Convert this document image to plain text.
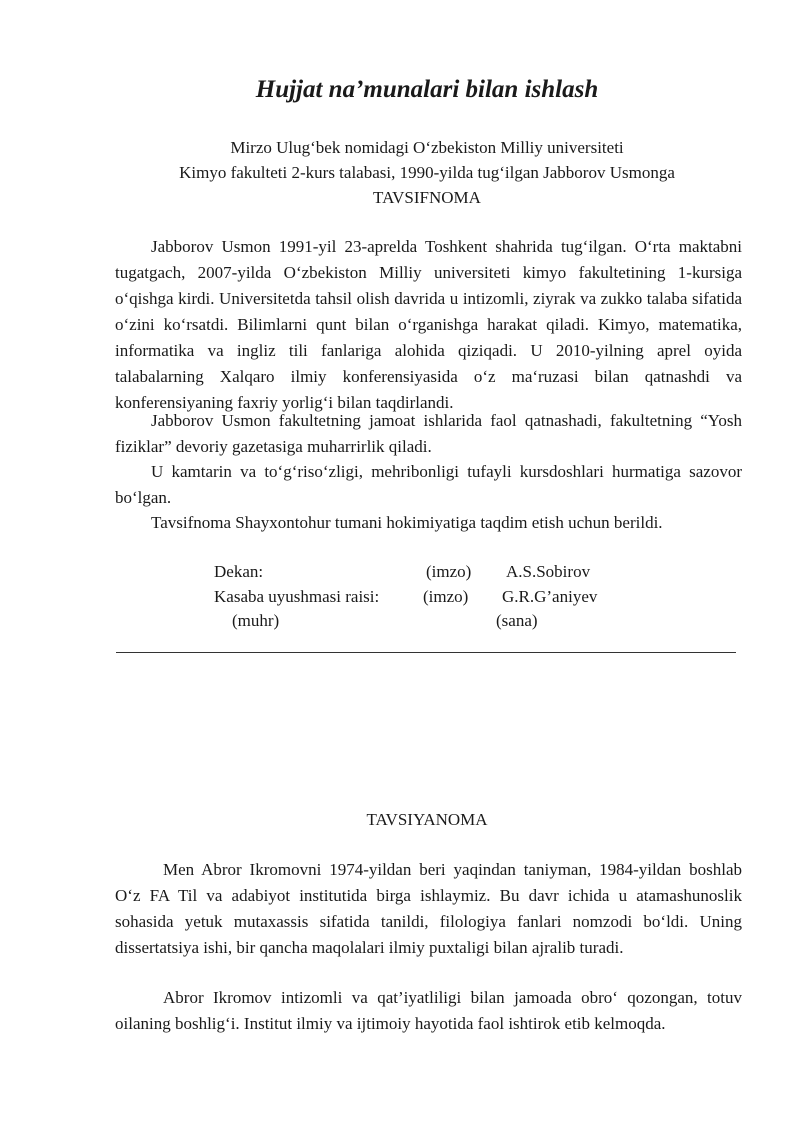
Hujjat na’munalari bilan ishlash
Mirzo Ulug‘bek nomidagi O‘zbekiston Milliy universiteti
Kimyo fakulteti 2-kurs talabasi, 1990-yilda tug‘ilgan Jabborov Usmonga
TAVSIFNOMA
Jabborov Usmon 1991-yil 23-aprelda Toshkent shahrida tug‘ilgan. O‘rta maktabni tugatgach, 2007-yilda O‘zbekiston Milliy universiteti kimyo fakultetining 1-kursiga o‘qishga kirdi. Universitetda tahsil olish davrida u intizomli, ziyrak va zukko talaba sifatida o‘zini ko‘rsatdi. Bilimlarni qunt bilan o‘rganishga harakat qiladi. Kimyo, matematika, informatika va ingliz tili fanlariga alohida qiziqadi. U 2010-yilning aprel oyida talabalarning Xalqaro ilmiy konferensiyasida o‘z ma‘ruzasi bilan qatnashdi va konferensiyaning faxriy yorlig‘i bilan taqdirlandi.
Jabborov Usmon fakultetning jamoat ishlarida faol qatnashadi, fakultetning “Yosh fiziklar” devoriy gazetasiga muharrirlik qiladi.
U kamtarin va to‘g‘riso‘zligi, mehribonligi tufayli kursdoshlari hurmatiga sazovor bo‘lgan.
Tavsifnoma Shayxontohur tumani hokimiyatiga taqdim etish uchun berildi.
Dekan:	(imzo) A.S.Sobirov
Kasaba uyushmasi raisi:	(imzo) G.R.G’aniyev
(muhr)	(sana)
TAVSIYANOMA
Men Abror Ikromovni 1974-yildan beri yaqindan taniyman, 1984-yildan boshlab O‘z FA Til va adabiyot institutida birga ishlaymiz. Bu davr ichida u atamashunoslik sohasida yetuk mutaxassis sifatida tanildi, filologiya fanlari nomzodi bo‘ldi. Uning dissertatsiya ishi, bir qancha maqolalari ilmiy puxtaligi bilan ajralib turadi.
Abror Ikromov intizomli va qat’iyatliligi bilan jamoada obro‘ qozongan, totuv oilaning boshlig‘i. Institut ilmiy va ijtimoiy hayotida faol ishtirok etib kelmoqda.
